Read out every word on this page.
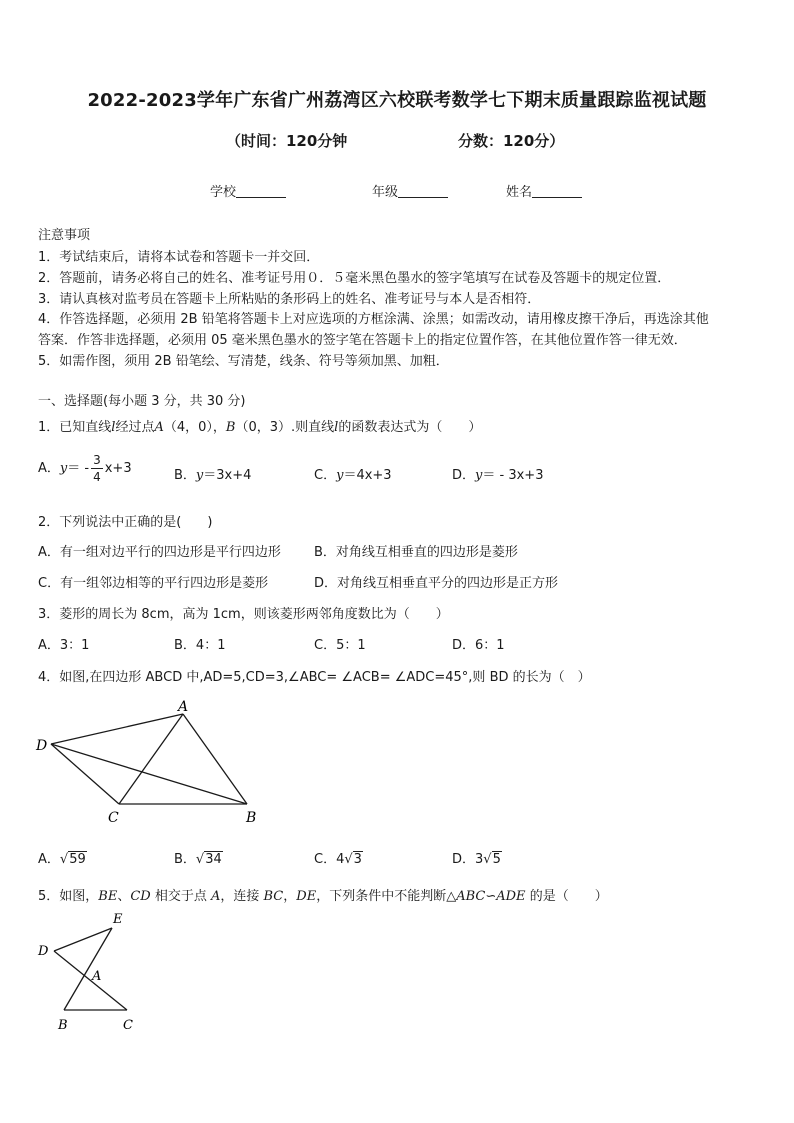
2022-2023学年广东省广州荔湾区六校联考数学七下期末质量跟踪监视试题
（时间：120分钟	分数：120分）
学校	年级	姓名
注意事项
1．考试结束后，请将本试卷和答题卡一并交回．
2．答题前，请务必将自己的姓名、准考证号用０．５毫米黑色墨水的签字笔填写在试卷及答题卡的规定位置．
3．请认真核对监考员在答题卡上所粘贴的条形码上的姓名、准考证号与本人是否相符．
4．作答选择题，必须用 2B 铅笔将答题卡上对应选项的方框涂满、涂黑；如需改动，请用橡皮擦干净后，再选涂其他
答案．作答非选择题，必须用 05 毫米黑色墨水的签字笔在答题卡上的指定位置作答，在其他位置作答一律无效．
5．如需作图，须用 2B 铅笔绘、写清楚，线条、符号等须加黑、加粗．
一、选择题(每小题 3 分，共 30 分)
1．已知直线l经过点A（4，0），B（0，3）.则直线l的函数表达式为（　　）
A．$y= - \frac{3}{4} x+3$	B．y＝3x+4	C．y＝4x+3	D．y＝ - 3x+3
2．下列说法中正确的是(　　)
A．有一组对边平行的四边形是平行四边形	B．对角线互相垂直的四边形是菱形
C．有一组邻边相等的平行四边形是菱形	D．对角线互相垂直平分的四边形是正方形
3．菱形的周长为 8cm，高为 1cm，则该菱形两邻角度数比为（　　）
A．3：1	B．4：1	C．5：1	D．6：1
4．如图,在四边形 ABCD 中,AD=5,CD=3,∠ABC= ∠ACB= ∠ADC=45°,则 BD 的长为（　）
A
D
C	B
A．√59	B．√34	C．4√3	D．3√5
5．如图，BE、CD 相交于点 A，连接 BC，DE，下列条件中不能判断△ABC∽ADE 的是（　　）
E
D
A
B	C
